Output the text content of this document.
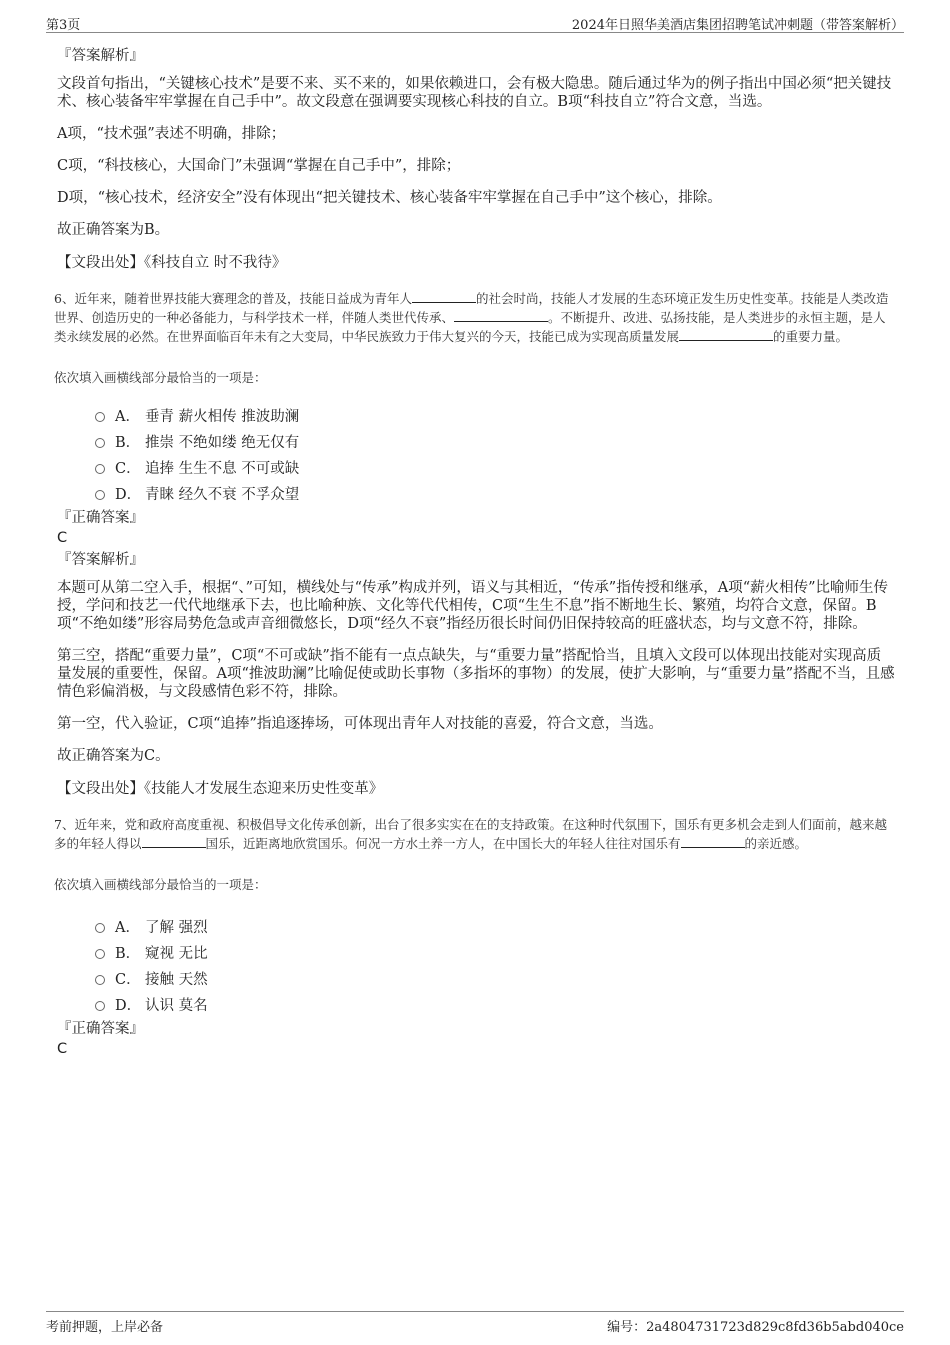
第3页	2024年日照华美酒店集团招聘笔试冲刺题（带答案解析）
『答案解析』
文段首句指出，“关键核心技术”是要不来、买不来的，如果依赖进口，会有极大隐患。随后通过华为的例子指出中国必须“把关键技术、核心装备牢牢掌握在自己手中”。故文段意在强调要实现核心科技的自立。B项“科技自立”符合文意，当选。
A项，“技术强”表述不明确，排除；
C项，“科技核心，大国命门”未强调“掌握在自己手中”，排除；
D项，“核心技术，经济安全”没有体现出“把关键技术、核心装备牢牢掌握在自己手中”这个核心，排除。
故正确答案为B。
【文段出处】《科技自立 时不我待》
6、近年来，随着世界技能大赛理念的普及，技能日益成为青年人	的社会时尚，技能人才发展的生态环境正发生历史性变革。技能是人类改造世界、创造历史的一种必备能力，与科学技术一样，伴随人类世代传承、	。不断提升、改进、弘扬技能，是人类进步的永恒主题，是人类永续发展的必然。在世界面临百年未有之大变局，中华民族致力于伟大复兴的今天，技能已成为实现高质量发展	的重要力量。
依次填入画横线部分最恰当的一项是：
A． 垂青 薪火相传 推波助澜
B． 推崇 不绝如缕 绝无仅有
C． 追捧 生生不息 不可或缺
D． 青睐 经久不衰 不孚众望
『正确答案』
C
『答案解析』
本题可从第二空入手，根据“、”可知，横线处与“传承”构成并列，语义与其相近，“传承”指传授和继承，A项“薪火相传”比喻师生传授，学问和技艺一代代地继承下去，也比喻种族、文化等代代相传，C项“生生不息”指不断地生长、繁殖，均符合文意，保留。B项“不绝如缕”形容局势危急或声音细微悠长，D项“经久不衰”指经历很长时间仍旧保持较高的旺盛状态，均与文意不符，排除。
第三空，搭配“重要力量”，C项“不可或缺”指不能有一点点缺失，与“重要力量”搭配恰当，且填入文段可以体现出技能对实现高质量发展的重要性，保留。A项“推波助澜”比喻促使或助长事物（多指坏的事物）的发展，使扩大影响，与“重要力量”搭配不当，且感情色彩偏消极，与文段感情色彩不符，排除。
第一空，代入验证，C项“追捧”指追逐捧场，可体现出青年人对技能的喜爱，符合文意，当选。
故正确答案为C。
【文段出处】《技能人才发展生态迎来历史性变革》
7、近年来，党和政府高度重视、积极倡导文化传承创新，出台了很多实实在在的支持政策。在这种时代氛围下，国乐有更多机会走到人们面前，越来越多的年轻人得以	国乐，近距离地欣赏国乐。何况一方水土养一方人，在中国长大的年轻人往往对国乐有	的亲近感。
依次填入画横线部分最恰当的一项是：
A． 了解 强烈
B． 窥视 无比
C． 接触 天然
D． 认识 莫名
『正确答案』
C
考前押题，上岸必备	编号：2a4804731723d829c8fd36b5abd040ce
